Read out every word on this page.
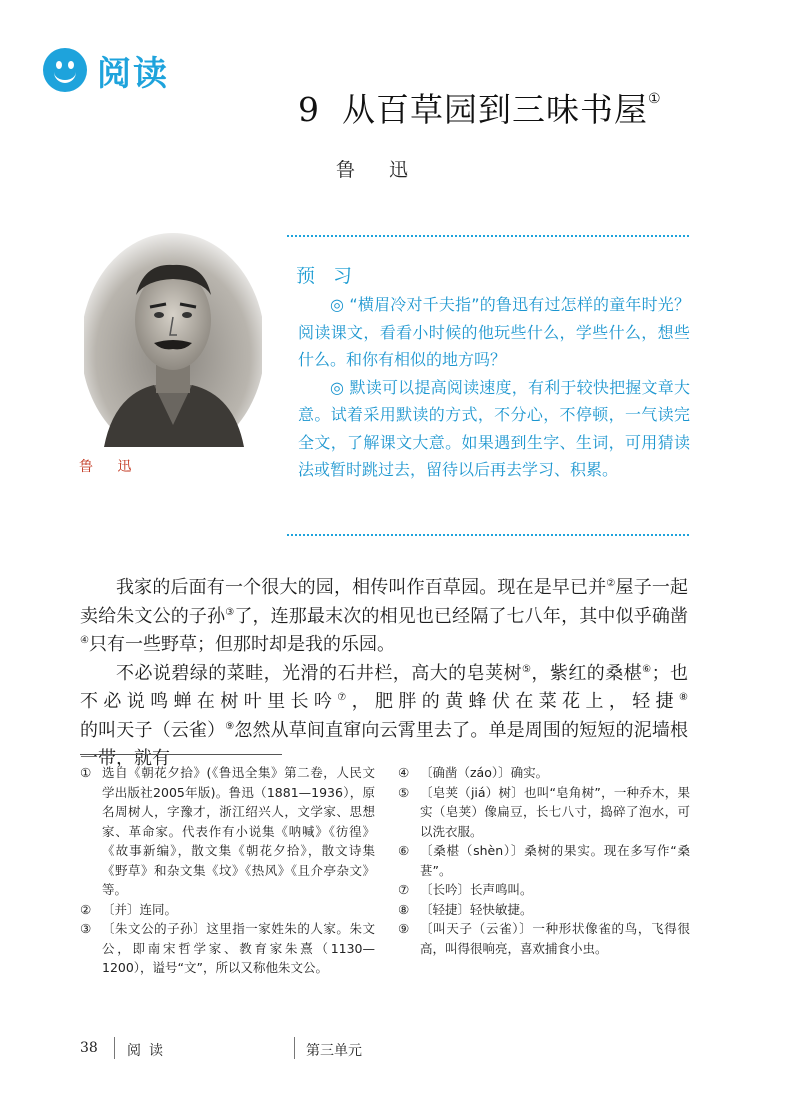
阅读
9 从百草园到三味书屋①
鲁 迅
鲁 迅
预 习

◎ “横眉冷对千夫指”的鲁迅有过怎样的童年时光？阅读课文，看看小时候的他玩些什么，学些什么，想些什么。和你有相似的地方吗？

◎ 默读可以提高阅读速度，有利于较快把握文章大意。试着采用默读的方式，不分心，不停顿，一气读完全文，了解课文大意。如果遇到生字、生词，可用猜读法或暂时跳过去，留待以后再去学习、积累。

我家的后面有一个很大的园，相传叫作百草园。现在是早已并②屋子一起卖给朱文公的子孙③了，连那最末次的相见也已经隔了七八年，其中似乎确凿④只有一些野草；但那时却是我的乐园。

不必说碧绿的菜畦，光滑的石井栏，高大的皂荚树⑤，紫红的桑椹⑥；也不必说鸣蝉在树叶里长吟⑦，肥胖的黄蜂伏在菜花上，轻捷⑧的叫天子（云雀）⑨忽然从草间直窜向云霄里去了。单是周围的短短的泥墙根一带，就有

① 选自《朝花夕拾》(《鲁迅全集》第二卷，人民文学出版社2005年版)。鲁迅（1881—1936），原名周树人，字豫才，浙江绍兴人，文学家、思想家、革命家。代表作有小说集《呐喊》《彷徨》《故事新编》，散文集《朝花夕拾》，散文诗集《野草》和杂文集《坟》《热风》《且介亭杂文》等。
② 〔并〕连同。
③ 〔朱文公的子孙〕这里指一家姓朱的人家。朱文公，即南宋哲学家、教育家朱熹（1130—1200），谥号“文”，所以又称他朱文公。
④ 〔确凿（záo）〕确实。
⑤ 〔皂荚（jiá）树〕也叫“皂角树”，一种乔木，果实（皂荚）像扁豆，长七八寸，捣碎了泡水，可以洗衣服。
⑥ 〔桑椹（shèn）〕桑树的果实。现在多写作“桑葚”。
⑦ 〔长吟〕长声鸣叫。
⑧ 〔轻捷〕轻快敏捷。
⑨ 〔叫天子（云雀）〕一种形状像雀的鸟，飞得很高，叫得很响亮，喜欢捕食小虫。
38 阅读	第三单元
